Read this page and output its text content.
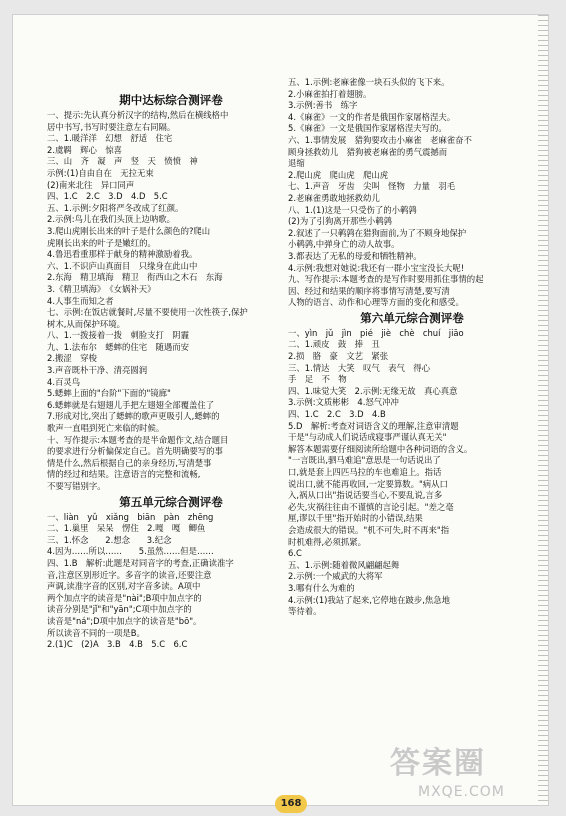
期中达标综合测评卷
一、提示:先认真分析汉字的结构,然后在横线格中
居中书写,书写时要注意左右同隔。
二、1.暖洋洋　幻想　舒适　住宅
2.虞羁　辉心　惊喜
三、山　齐　凝　声　竖　天　愤愤　神
示例:(1)自由自在　无拉无束
(2)南来北往　异口同声
四、1.C　2.C　3.D　4.D　5.C
五、1.示例:夕阳将严冬改成了红颜。
2.示例:鸟儿在我们头顶上边呐歌。
3.爬山虎刚长出来的叶子是什么颜色的?爬山
虎刚长出来的叶子是嫩红的。
4.鲁迅看重那样于献身的精神激励着我。
六、1.不识庐山真面目　只缘身在此山中
2.东海　精卫填海　精卫　衔西山之木石　东海
3.《精卫填海》　《女娲补天》
4.人事生而知之者
七、示例:在饭店就餐时,尽量不要使用一次性筷子,保护
树木,从而保护环境。
八、1.一拨接着一拨　刺脸支打　阴霾
九、1.法布尔　蟋蟀的住宅　随遇而安
2.搬涩　穿梭
3.声音既朴干净、清亮圆润
4.百灵鸟
5.蟋蟀上面的"台阶"下面的"镜廊"
6.蟋蟀就是右翅翅儿手把左翅翅全部覆盖住了
7.形成对比,突出了蟋蟀的歌声更吸引人,蟋蟀的
歌声一直唱到死亡来临的时候。
十、写作提示:本题考查的是半命题作文,结合题目
的要求进行分析偏保定自己。首先明确要写的事
情是什么,然后根据自己的亲身经历,写清楚事
情的经过和结果。注意语言的完整和流畅,
不要写错别字。
第五单元综合测评卷
一、liàn　yǔ　xiǎng　biān　pàn　zhēng
二、1.巢里　呆呆　愣住　2.嘎　嘎　鲫鱼
三、1.怀念　　2.想念　　3.纪念
4.因为……所以……　　5.虽然……但是……
四、1.B　解析:此题是对同音字的考查,正确读准字
音,注意区别形近字。多音字的读音,还要注意
声调,读准字音的区别,对字音多读。A项中
两个加点字的读音是"nài";B项中加点字的
读音分别是"jǐ"和"yān";C项中加点字的
读音是"ná";D项中加点字的读音是"bō"。
所以读音不同的一项是B。
2.(1)C　(2)A　3.B　4.B　5.C　6.C
五、1.示例:老麻雀像一块石头似的飞下来。
2.小麻雀拍打着翅膀。
3.示例:善书　练字
4.《麻雀》一文的作者是俄国作家屠格涅夫。
5.《麻雀》一文是俄国作家屠格涅夫写的。
六、1.事情发展　猎狗要攻击小麻雀　老麻雀奋不
顾身拯救幼儿　猎狗被老麻雀的勇气震撼而
退缩
2.爬山虎　爬山虎　爬山虎
七、1.声音　牙齿　尖叫　怪物　力量　羽毛
2.老麻雀勇敢地拯救幼儿
八、1.(1)这是一只受伤了的小鹌鹑
(2)为了引狗离开那些小鹌鹑
2.叙述了一只鹌鹑在猎狗面前,为了不顾身地保护
小鹌鹑,中弹身亡的动人故事。
3.都表达了无私的母爱和牺牲精神。
4.示例:我想对她说:我还有一群小宝宝没长大呢!
九、写作提示:本题考查的是写作时要用抓住事情的起
因、经过和结果的顺序将事情写清楚,要写清
人物的语言、动作和心理等方面的变化和感受。
第六单元综合测评卷
一、yìn　jǔ　jìn　pié　jiè　chè　chuí　jiāo
二、1.顽皮　鼓　捧　丑
2.损　胳　豪　文艺　紧张
三、1.情达　大笑　叹气　表气　得心
手　足　不　物
四、1.味觉大笑　2.示例:无缘无故　真心真意
3.示例:文质彬彬　4.怒气冲冲
四、1.C　2.C　3.D　4.B
5.D　解析:考查对词语含义的理解,注意审清题
干是"与动成人们说话成寝事严谨认真无关"
解答本题需要仔细阅读所给题中各种词语的含义。
"一言既出,驷马难追"意思是一句话说出了
口,就是套上四匹马拉的车也难追上。指话
说出口,就不能再收回,一定要算数。"病从口
入,祸从口出"指说话要当心,不要乱说,言多
必失,灾祸往往由不谨慎的言论引起。"差之毫
厘,谬以千里"指开始时的小错误,结果
会造成很大的错误。"机不可失,时不再来"指
时机难得,必须抓紧。
6.C
五、1.示例:随着微风翩翩起舞
2.示例:一个威武的大将军
3.哪有什么为难的
4.示例:(1)我站了起来,它停地在跛步,焦急地
等待着。
168
答案圈
MXQE.COM
